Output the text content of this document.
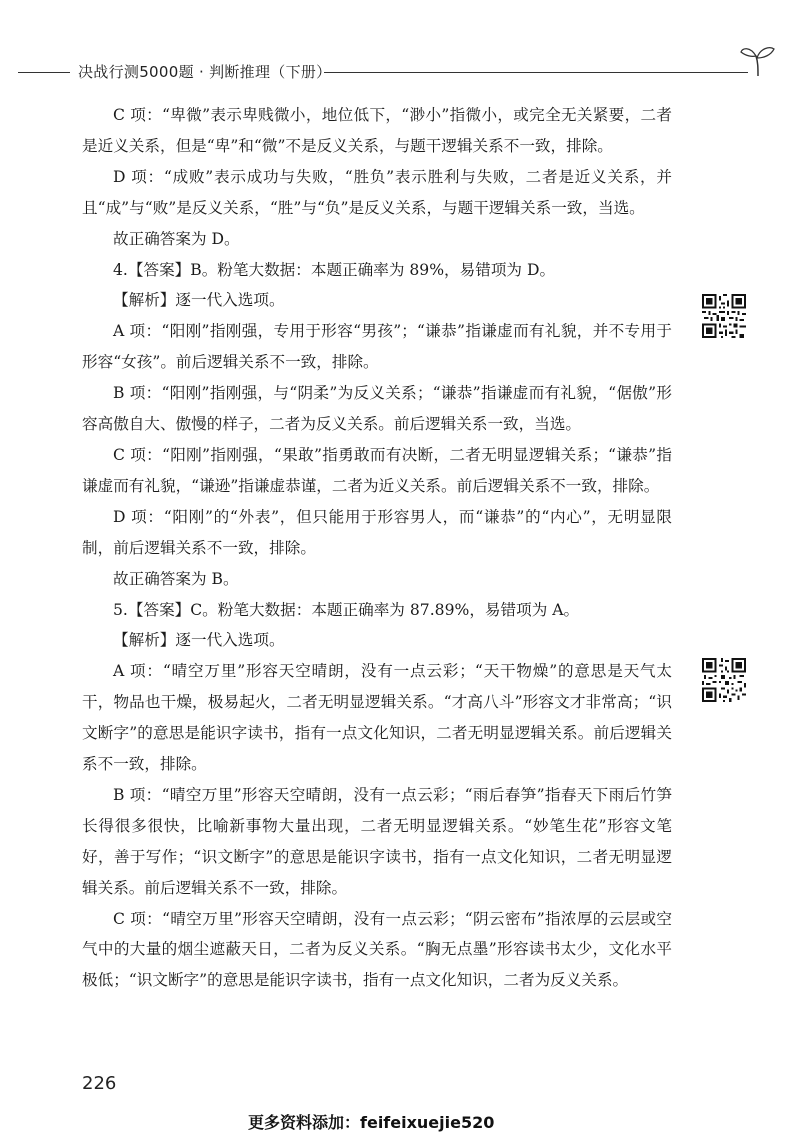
决战行测5000题 · 判断推理（下册）

C 项：“卑微”表示卑贱微小，地位低下，“渺小”指微小，或完全无关紧要，二者是近义关系，但是“卑”和“微”不是反义关系，与题干逻辑关系不一致，排除。

D 项：“成败”表示成功与失败，“胜负”表示胜利与失败，二者是近义关系，并且“成”与“败”是反义关系，“胜”与“负”是反义关系，与题干逻辑关系一致，当选。

故正确答案为 D。

4.【答案】B。粉笔大数据：本题正确率为 89%，易错项为 D。

【解析】逐一代入选项。

A 项：“阳刚”指刚强，专用于形容“男孩”；“谦恭”指谦虚而有礼貌，并不专用于形容“女孩”。前后逻辑关系不一致，排除。

B 项：“阳刚”指刚强，与“阴柔”为反义关系；“谦恭”指谦虚而有礼貌，“倨傲”形容高傲自大、傲慢的样子，二者为反义关系。前后逻辑关系一致，当选。

C 项：“阳刚”指刚强，“果敢”指勇敢而有决断，二者无明显逻辑关系；“谦恭”指谦虚而有礼貌，“谦逊”指谦虚恭谨，二者为近义关系。前后逻辑关系不一致，排除。

D 项：“阳刚”的“外表”，但只能用于形容男人，而“谦恭”的“内心”，无明显限制，前后逻辑关系不一致，排除。

故正确答案为 B。

5.【答案】C。粉笔大数据：本题正确率为 87.89%，易错项为 A。

【解析】逐一代入选项。

A 项：“晴空万里”形容天空晴朗，没有一点云彩；“天干物燥”的意思是天气太干，物品也干燥，极易起火，二者无明显逻辑关系。“才高八斗”形容文才非常高；“识文断字”的意思是能识字读书，指有一点文化知识，二者无明显逻辑关系。前后逻辑关系不一致，排除。

B 项：“晴空万里”形容天空晴朗，没有一点云彩；“雨后春笋”指春天下雨后竹笋长得很多很快，比喻新事物大量出现，二者无明显逻辑关系。“妙笔生花”形容文笔好，善于写作；“识文断字”的意思是能识字读书，指有一点文化知识，二者无明显逻辑关系。前后逻辑关系不一致，排除。

C 项：“晴空万里”形容天空晴朗，没有一点云彩；“阴云密布”指浓厚的云层或空气中的大量的烟尘遮蔽天日，二者为反义关系。“胸无点墨”形容读书太少，文化水平极低；“识文断字”的意思是能识字读书，指有一点文化知识，二者为反义关系。

226
更多资料添加：feifeixuejie520
